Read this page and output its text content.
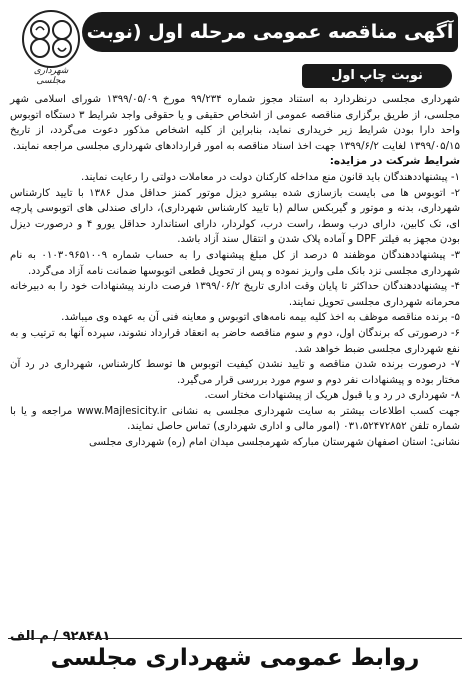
آگهی مناقصه عمومی مرحله اول (نوبت اول)	نوبت چاپ اول
شهرداری مجلسی

شهرداری مجلسی درنظردارد به استناد مجوز شماره ۹۹/۲۳۴ مورخ ۱۳۹۹/۰۵/۰۹ شورای اسلامی شهر مجلسی، از طریق برگزاری مناقصه عمومی از اشخاص حقیقی و یا حقوقی واجد شرایط ۳ دستگاه اتوبوس واحد دارا بودن شرایط زیر خریداری نماید، بنابراین از کلیه اشخاص مذکور دعوت می‌گردد، از تاریخ ۱۳۹۹/۰۵/۱۵ لغایت ۱۳۹۹/۶/۲ جهت اخذ اسناد مناقصه به امور قراردادهای شهرداری مجلسی مراجعه نمایند.

شرایط شرکت در مزایده:

۱- پیشنهاددهندگان باید قانون منع مداخله کارکنان دولت در معاملات دولتی را رعایت نمایند.

۲- اتوبوس ها می بایست بازسازی شده بیشرو دیزل موتور کمنز حداقل مدل ۱۳۸۶ با تایید کارشناس شهرداری، بدنه و موتور و گیربکس سالم (با تایید کارشناس شهرداری)، دارای صندلی های اتوبوسی پارچه ای، تک کابین، دارای درب وسط، راست درب، کولردار، دارای استاندارد حداقل یورو ۴ و درصورت دیزل بودن مجهز به فیلتر DPF و آماده پلاک شدن و انتقال سند آزاد باشد.

۳- پیشنهاددهندگان موظفند ۵ درصد از کل مبلغ پیشنهادی را به حساب شماره ۰۱۰۳۰۹۶۵۱۰۰۹ به نام شهرداری مجلسی نزد بانک ملی واریز نموده و پس از تحویل قطعی اتوبوسها ضمانت نامه آزاد می‌گردد.

۴- پیشنهاددهندگان حداکثر تا پایان وقت اداری تاریخ ۱۳۹۹/۰۶/۲ فرصت دارند پیشنهادات خود را به دبیرخانه محرمانه شهرداری مجلسی تحویل نمایند.

۵- برنده مناقصه موظف به اخذ کلیه بیمه نامه‌های اتوبوس و معاینه فنی آن به عهده وی میباشد.

۶- درصورتی که برندگان اول، دوم و سوم مناقصه حاضر به انعقاد قرارداد نشوند، سپرده آنها به ترتیب و به نفع شهرداری مجلسی ضبط خواهد شد.

۷- درصورت برنده شدن مناقصه و تایید نشدن کیفیت اتوبوس ها توسط کارشناس، شهرداری در رد آن مختار بوده و پیشنهادات نفر دوم و سوم مورد بررسی قرار می‌گیرد.

۸- شهرداری در رد و یا قبول هریک از پیشنهادات مختار است.

جهت کسب اطلاعات بیشتر به سایت شهرداری مجلسی به نشانی www.Majlesicity.ir مراجعه و یا با شماره تلفن ۰۳۱،۵۲۴۷۲۸۵۲ (امور مالی و اداری شهرداری) تماس حاصل نمایند.

نشانی: استان اصفهان شهرستان مبارکه شهرمجلسی میدان امام (ره) شهرداری مجلسی

۹۲۸۴۸۱ / م الف
روابط عمومی شهرداری مجلسی
